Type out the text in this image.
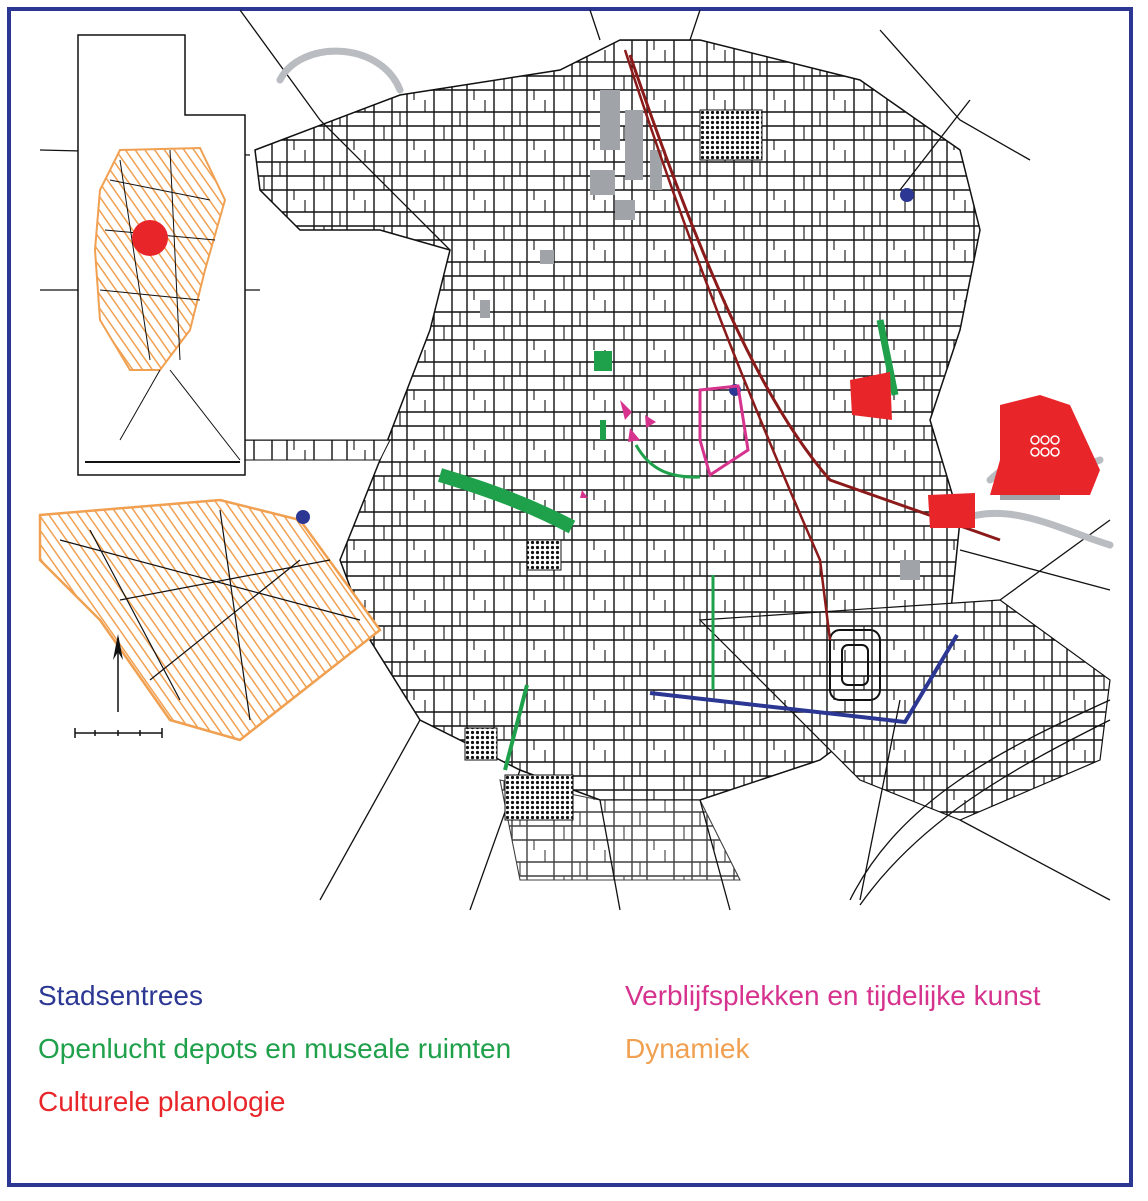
Stadsentrees
Openlucht depots en museale ruimten
Culturele planologie
Verblijfsplekken en tijdelijke kunst
Dynamiek
